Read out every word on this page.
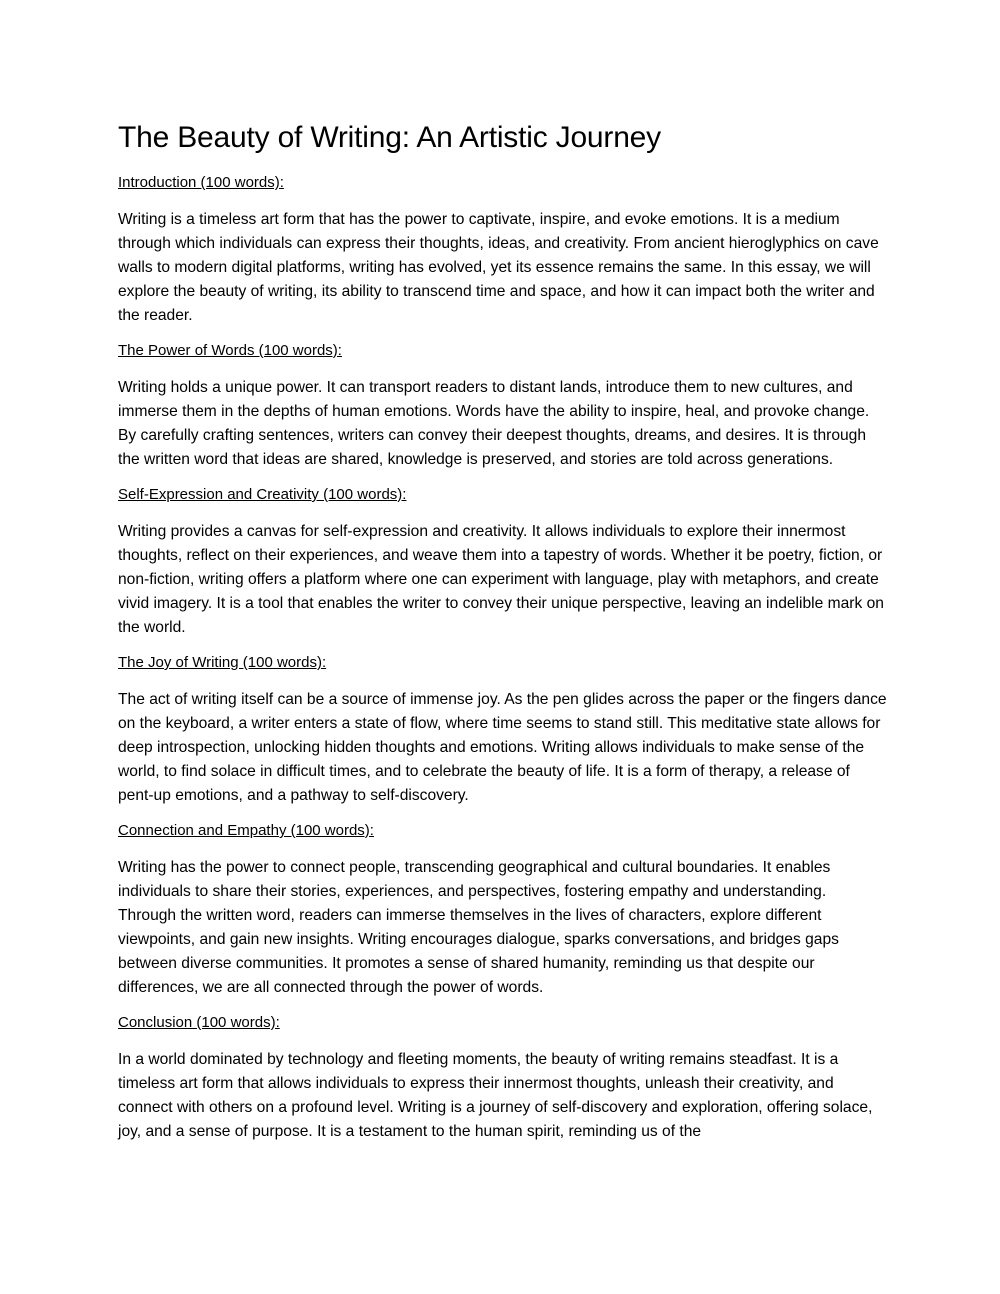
The Beauty of Writing: An Artistic Journey

Introduction (100 words):

Writing is a timeless art form that has the power to captivate, inspire, and evoke emotions. It is a medium through which individuals can express their thoughts, ideas, and creativity. From ancient hieroglyphics on cave walls to modern digital platforms, writing has evolved, yet its essence remains the same. In this essay, we will explore the beauty of writing, its ability to transcend time and space, and how it can impact both the writer and the reader.

The Power of Words (100 words):

Writing holds a unique power. It can transport readers to distant lands, introduce them to new cultures, and immerse them in the depths of human emotions. Words have the ability to inspire, heal, and provoke change. By carefully crafting sentences, writers can convey their deepest thoughts, dreams, and desires. It is through the written word that ideas are shared, knowledge is preserved, and stories are told across generations.

Self-Expression and Creativity (100 words):

Writing provides a canvas for self-expression and creativity. It allows individuals to explore their innermost thoughts, reflect on their experiences, and weave them into a tapestry of words. Whether it be poetry, fiction, or non-fiction, writing offers a platform where one can experiment with language, play with metaphors, and create vivid imagery. It is a tool that enables the writer to convey their unique perspective, leaving an indelible mark on the world.

The Joy of Writing (100 words):

The act of writing itself can be a source of immense joy. As the pen glides across the paper or the fingers dance on the keyboard, a writer enters a state of flow, where time seems to stand still. This meditative state allows for deep introspection, unlocking hidden thoughts and emotions. Writing allows individuals to make sense of the world, to find solace in difficult times, and to celebrate the beauty of life. It is a form of therapy, a release of pent-up emotions, and a pathway to self-discovery.

Connection and Empathy (100 words):

Writing has the power to connect people, transcending geographical and cultural boundaries. It enables individuals to share their stories, experiences, and perspectives, fostering empathy and understanding. Through the written word, readers can immerse themselves in the lives of characters, explore different viewpoints, and gain new insights. Writing encourages dialogue, sparks conversations, and bridges gaps between diverse communities. It promotes a sense of shared humanity, reminding us that despite our differences, we are all connected through the power of words.

Conclusion (100 words):

In a world dominated by technology and fleeting moments, the beauty of writing remains steadfast. It is a timeless art form that allows individuals to express their innermost thoughts, unleash their creativity, and connect with others on a profound level. Writing is a journey of self-discovery and exploration, offering solace, joy, and a sense of purpose. It is a testament to the human spirit, reminding us of the
